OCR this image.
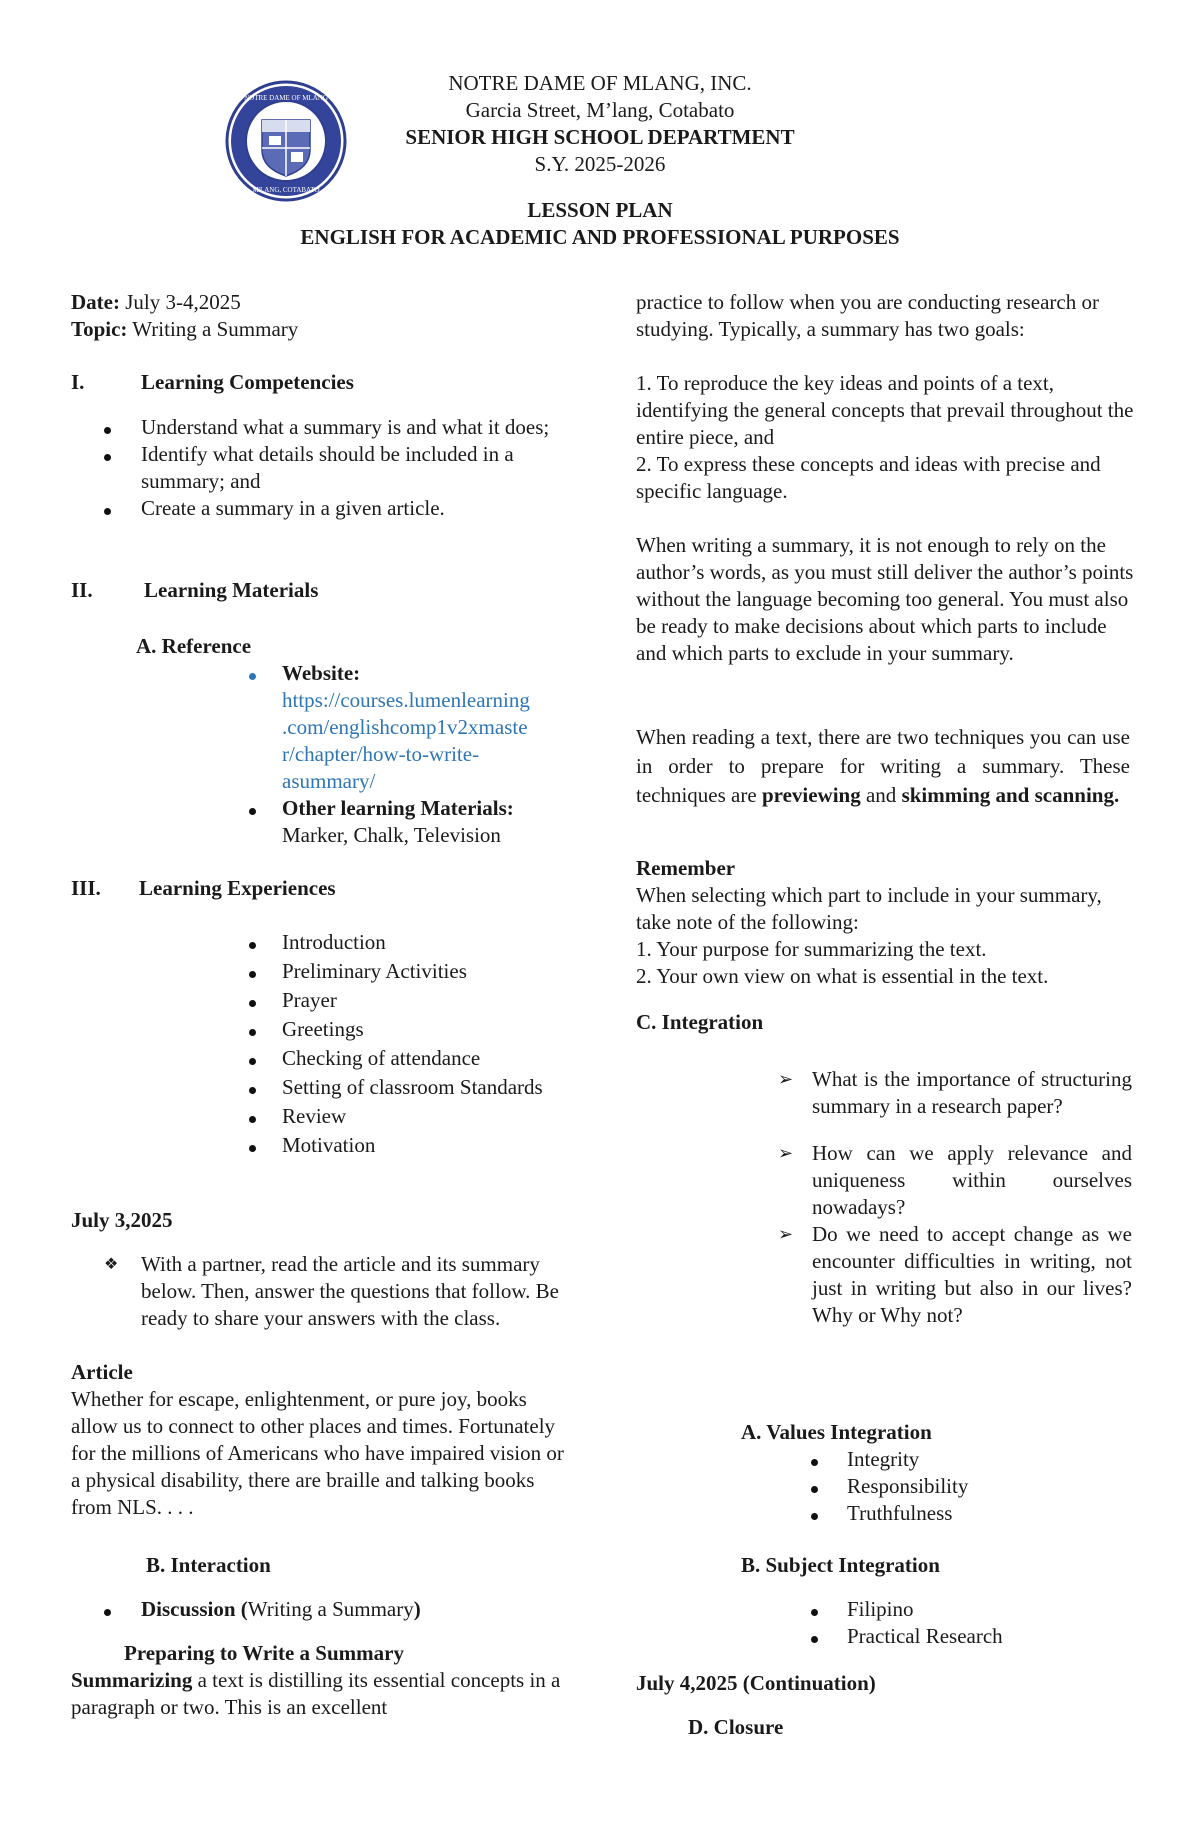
NOTRE DAME OF MLANG
M'LANG, COTABATO
NOTRE DAME OF MLANG, INC.
Garcia Street, M’lang, Cotabato
SENIOR HIGH SCHOOL DEPARTMENT
S.Y. 2025-2026
LESSON PLAN
ENGLISH FOR ACADEMIC AND PROFESSIONAL PURPOSES
Date: July 3-4,2025
Topic: Writing a Summary
I.	Learning Competencies
Understand what a summary is and what it does;
Identify what details should be included in a summary; and
Create a summary in a given article.
II. Learning Materials
A. Reference
Website:
https://courses.lumenlearning
.com/englishcomp1v2xmaste
r/chapter/how-to-write-
asummary/
Other learning Materials:
Marker, Chalk, Television
III. Learning Experiences
Introduction
Preliminary Activities
Prayer
Greetings
Checking of attendance
Setting of classroom Standards
Review
Motivation
July 3,2025
❖ With a partner, read the article and its summary below. Then, answer the questions that follow. Be ready to share your answers with the class.
Article
Whether for escape, enlightenment, or pure joy, books allow us to connect to other places and times. Fortunately for the millions of Americans who have impaired vision or a physical disability, there are braille and talking books from NLS. . . .
B. Interaction
Discussion (Writing a Summary)
Preparing to Write a Summary
Summarizing a text is distilling its essential concepts in a paragraph or two. This is an excellent
practice to follow when you are conducting research or studying. Typically, a summary has two goals:
1. To reproduce the key ideas and points of a text, identifying the general concepts that prevail throughout the entire piece, and
2. To express these concepts and ideas with precise and specific language.
When writing a summary, it is not enough to rely on the author’s words, as you must still deliver the author’s points without the language becoming too general. You must also be ready to make decisions about which parts to include and which parts to exclude in your summary.
When reading a text, there are two techniques you can use in order to prepare for writing a summary. These techniques are previewing and skimming and scanning.
Remember
When selecting which part to include in your summary, take note of the following:
1. Your purpose for summarizing the text.
2. Your own view on what is essential in the text.
C. Integration
➢ What is the importance of structuring summary in a research paper?
➢ How can we apply relevance and uniqueness within ourselves nowadays?
➢ Do we need to accept change as we encounter difficulties in writing, not just in writing but also in our lives? Why or Why not?
A. Values Integration
Integrity
Responsibility
Truthfulness
B. Subject Integration
Filipino
Practical Research
July 4,2025 (Continuation)
D. Closure
